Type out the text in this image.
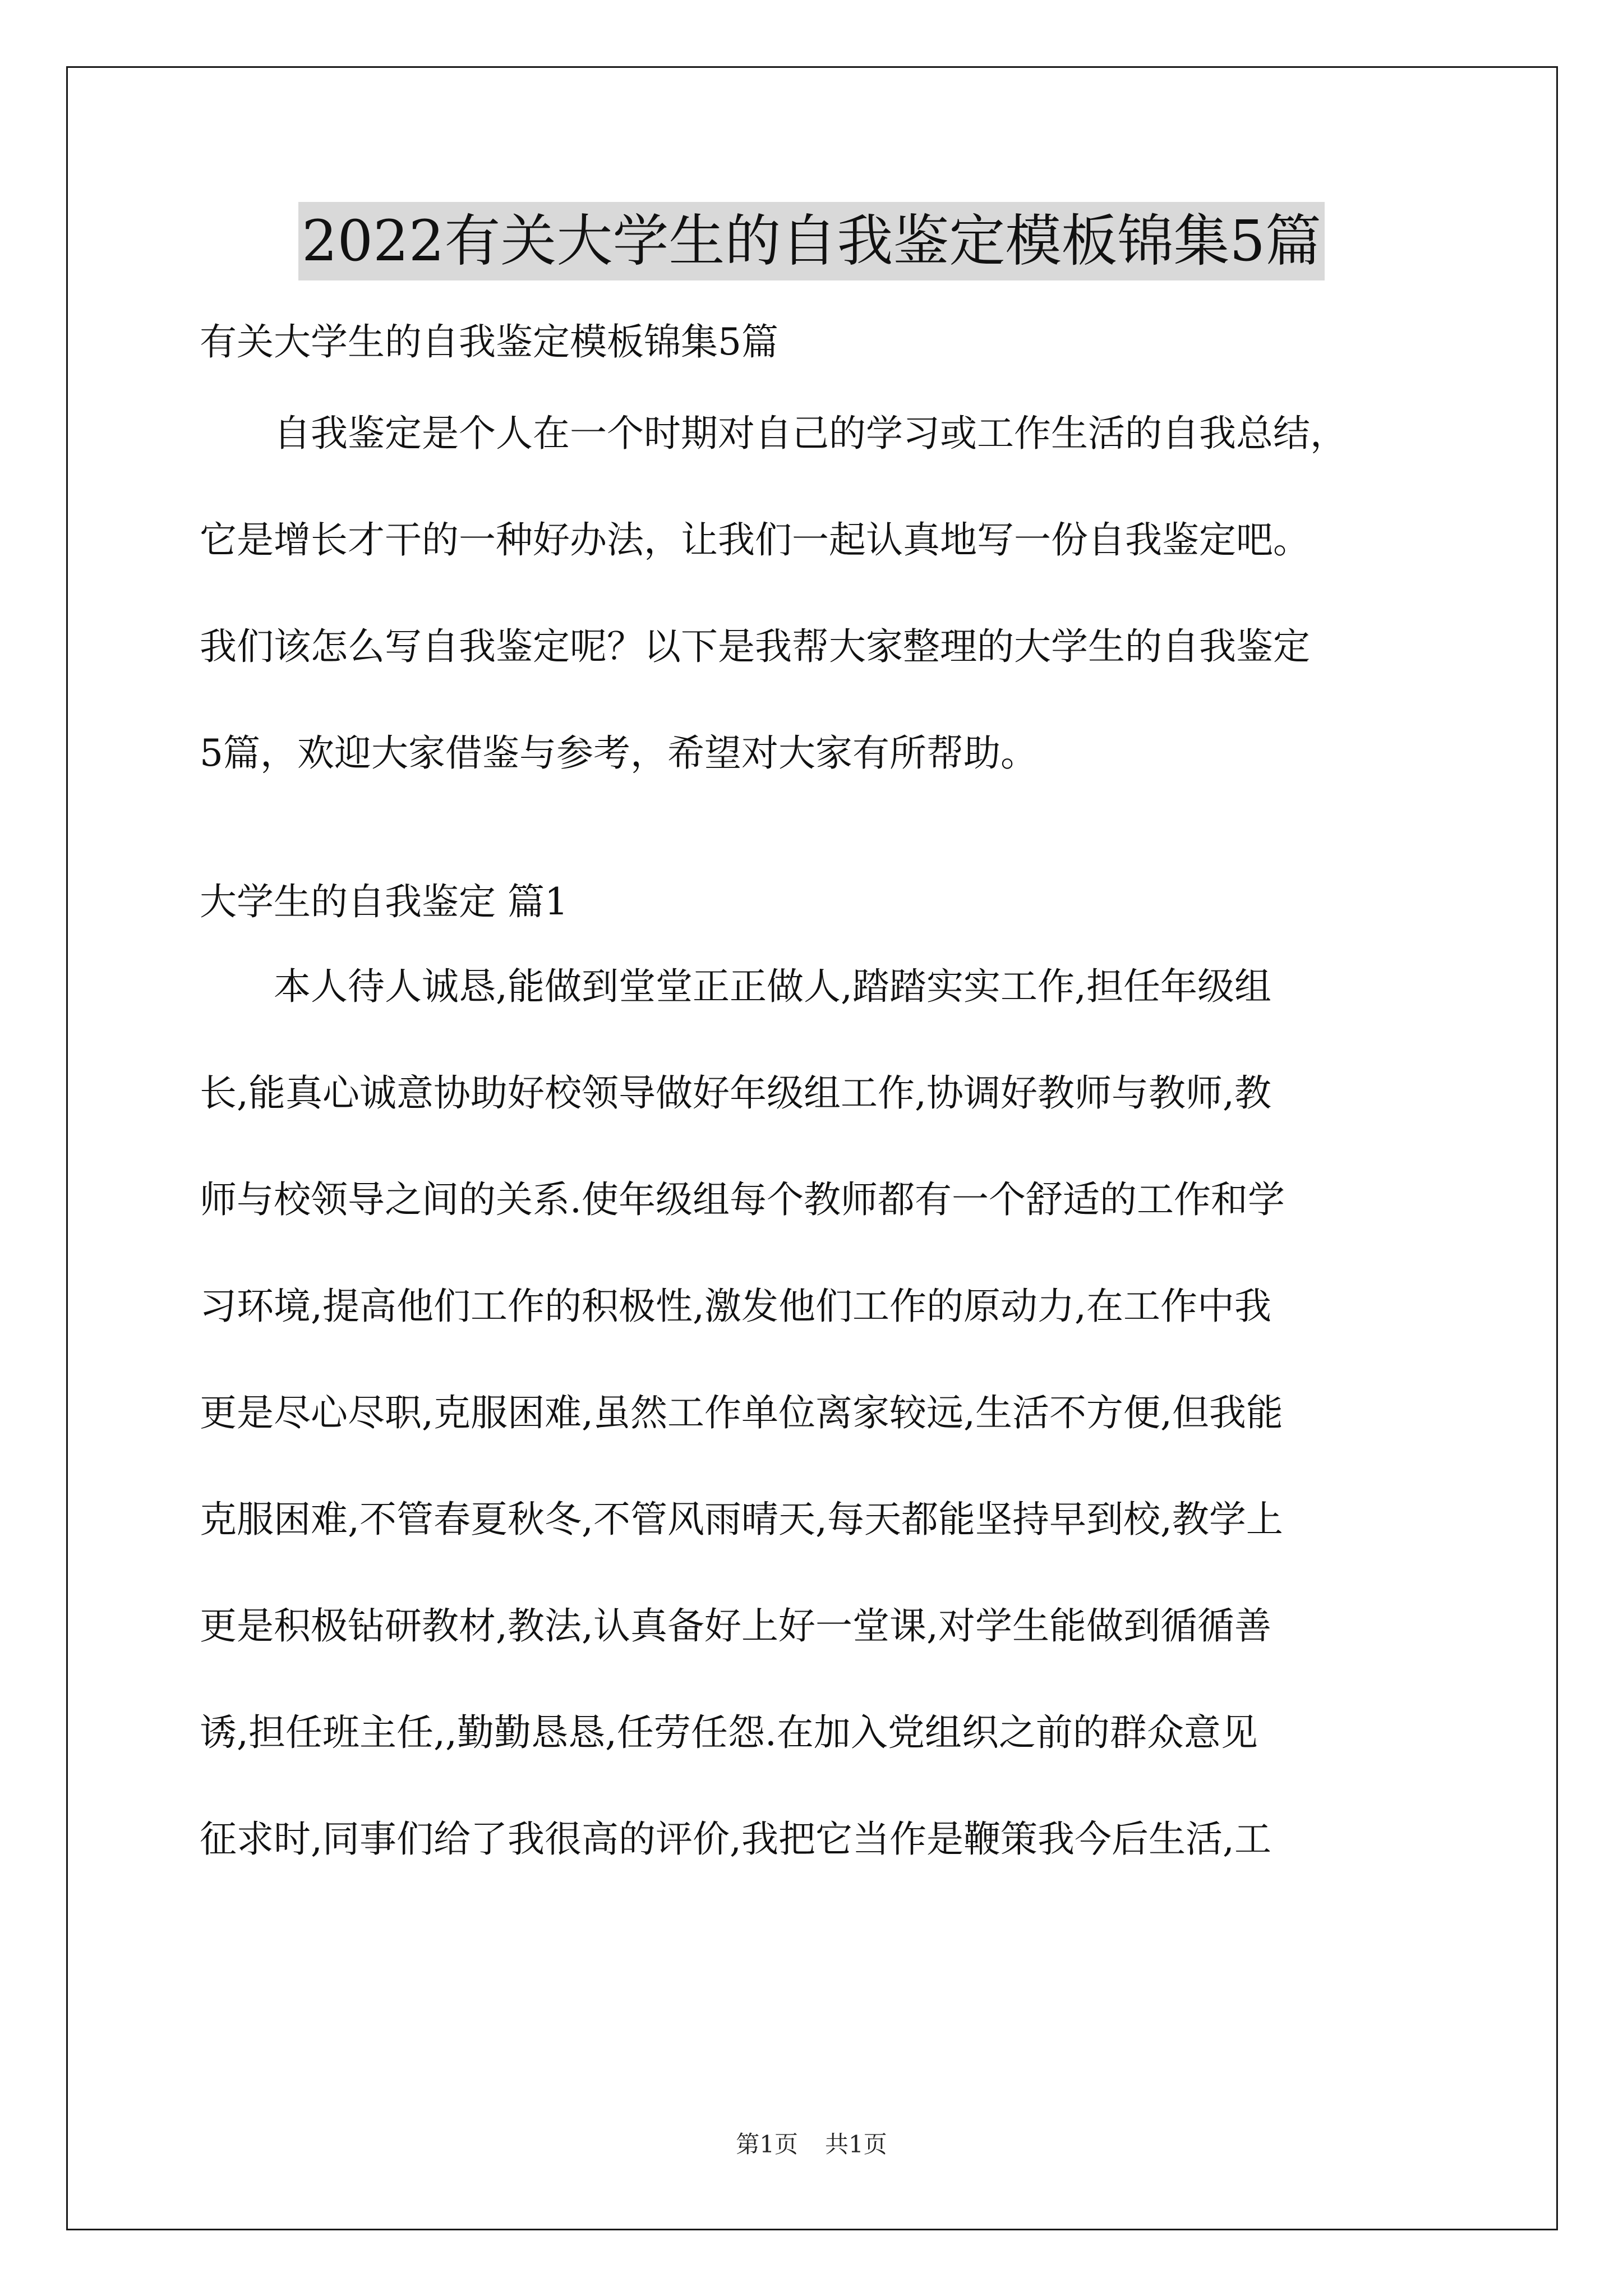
2022有关大学生的自我鉴定模板锦集5篇

有关大学生的自我鉴定模板锦集5篇

自我鉴定是个人在一个时期对自己的学习或工作生活的自我总结，

它是增长才干的一种好办法，让我们一起认真地写一份自我鉴定吧。

我们该怎么写自我鉴定呢？以下是我帮大家整理的大学生的自我鉴定

5篇，欢迎大家借鉴与参考，希望对大家有所帮助。

大学生的自我鉴定 篇1

本人待人诚恳,能做到堂堂正正做人,踏踏实实工作,担任年级组

长,能真心诚意协助好校领导做好年级组工作,协调好教师与教师,教

师与校领导之间的关系.使年级组每个教师都有一个舒适的工作和学

习环境,提高他们工作的积极性,激发他们工作的原动力,在工作中我

更是尽心尽职,克服困难,虽然工作单位离家较远,生活不方便,但我能

克服困难,不管春夏秋冬,不管风雨晴天,每天都能坚持早到校,教学上

更是积极钻研教材,教法,认真备好上好一堂课,对学生能做到循循善

诱,担任班主任,,勤勤恳恳,任劳任怨.在加入党组织之前的群众意见

征求时,同事们给了我很高的评价,我把它当作是鞭策我今后生活,工

第1页 共1页
